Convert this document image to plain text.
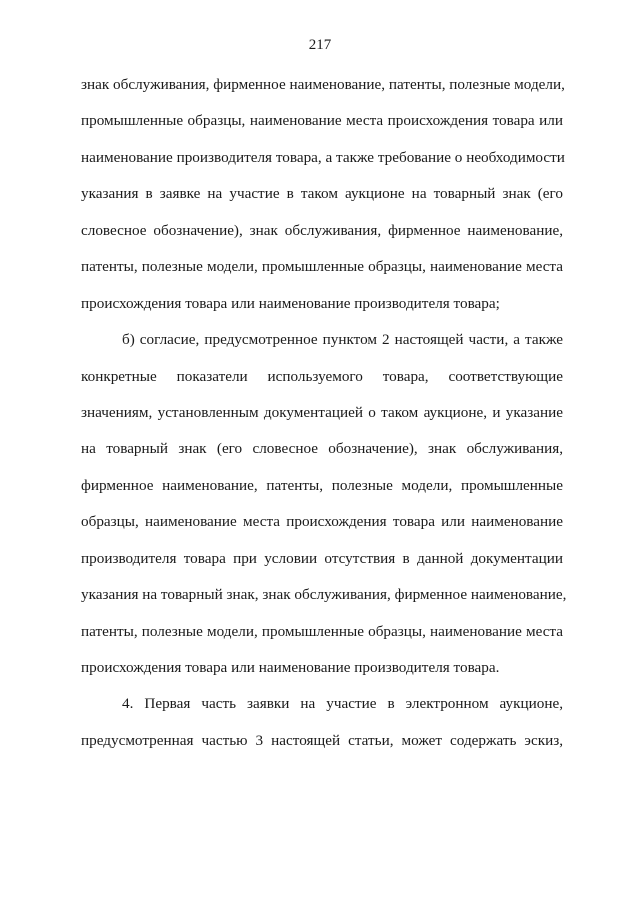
217
знак обслуживания, фирменное наименование, патенты, полезные модели,
промышленные образцы, наименование места происхождения товара или
наименование производителя товара, а также требование о необходимости
указания в заявке на участие в таком аукционе на товарный знак (его
словесное обозначение), знак обслуживания, фирменное наименование,
патенты, полезные модели, промышленные образцы, наименование места
происхождения товара или наименование производителя товара;
б) согласие, предусмотренное пунктом 2 настоящей части, а также
конкретные показатели используемого товара, соответствующие
значениям, установленным документацией о таком аукционе, и указание
на товарный знак (его словесное обозначение), знак обслуживания,
фирменное наименование, патенты, полезные модели, промышленные
образцы, наименование места происхождения товара или наименование
производителя товара при условии отсутствия в данной документации
указания на товарный знак, знак обслуживания, фирменное наименование,
патенты, полезные модели, промышленные образцы, наименование места
происхождения товара или наименование производителя товара.
4. Первая часть заявки на участие в электронном аукционе,
предусмотренная частью 3 настоящей статьи, может содержать эскиз,
